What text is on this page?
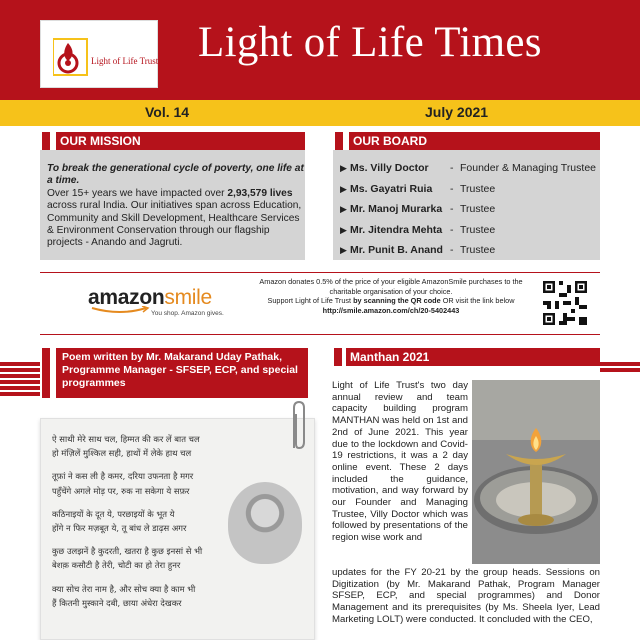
Light of Life Trust Light of Life Times
Vol. 14	July 2021
OUR MISSION
To break the generational cycle of poverty, one life at a time.
Over 15+ years we have impacted over 2,93,579 lives across rural India. Our initiatives span across Education, Community and Skill Development, Healthcare Services & Environment Conservation through our flagship projects - Anando and Jagruti.
OUR BOARD
▶ Ms. Villy Doctor	- Founder & Managing Trustee
▶ Ms. Gayatri Ruia	- Trustee
▶ Mr. Manoj Murarka - Trustee
▶ Mr. Jitendra Mehta - Trustee
▶ Mr. Punit B. Anand - Trustee
amazonsmile
You shop. Amazon gives.
Amazon donates 0.5% of the price of your eligible AmazonSmile purchases to the charitable organisation of your choice.
Support Light of Life Trust by scanning the QR code OR visit the link below
http://smile.amazon.com/ch/20-5402443
Poem written by Mr. Makarand Uday Pathak, Programme Manager - SFSEP, ECP, and special programmes
ऐ साथी मेरे साथ चल, हिम्मत की कर लें बात चल
हो मंज़िलें मुश्किल सही, हाथों में लेके हाथ चल
तूफ़ां ने कस ली है कमर, दरिया उफनता है मगर
पहुँचेंगे अगले मोड़ पर, रुक ना सकेगा ये सफ़र
कठिनाइयों के दूत ये, परछाइयों के भूत ये
होंगे न फिर मज़बूत ये, तू बांध ले डाढ़स अगर
कुछ उलझनें है कुदरती, खतरा है कुछ इनसां से भी
बेशक़ कसौटी है तेरी, चोटी का हो तेरा हुनर
क्या सोच तेरा नाम है, और सोच क्या है काम भी
हैं कितनी मुस्काने दबी, छाया अंधेरा देखकर
Manthan 2021
Light of Life Trust's two day annual review and team capacity building program MANTHAN was held on 1st and 2nd of June 2021. This year due to the lockdown and Covid-19 restrictions, it was a 2 day online event. These 2 days included the guidance, motivation, and way forward by our Founder and Managing Trustee, Villy Doctor which was followed by presentations of the region wise work and
updates for the FY 20-21 by the group heads. Sessions on Digitization (by Mr. Makarand Pathak, Program Manager SFSEP, ECP, and special programmes) and Donor Management and its prerequisites (by Ms. Sheela Iyer, Lead Marketing LOLT) were conducted. It concluded with the CEO,
